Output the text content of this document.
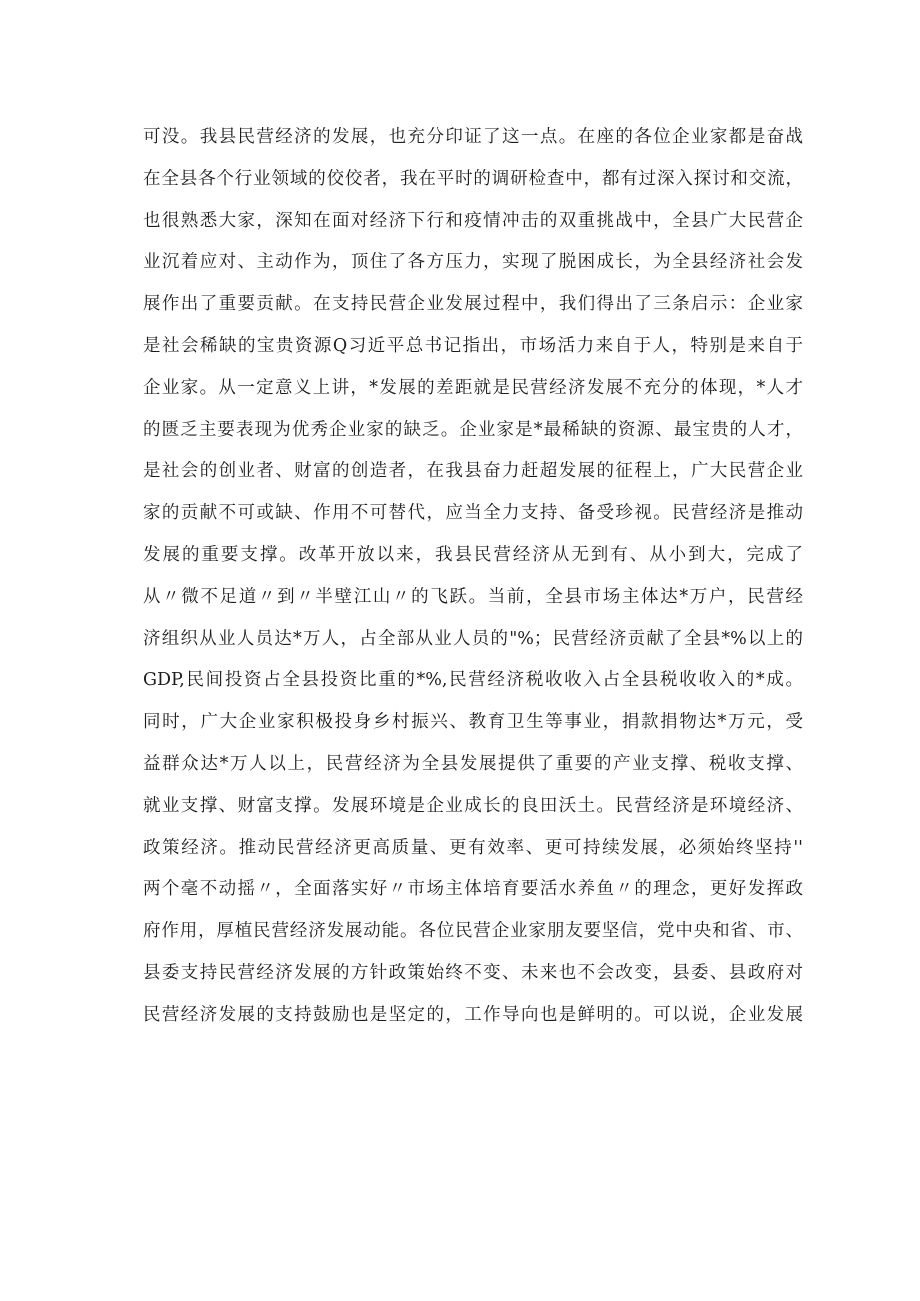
可没。我县民营经济的发展，也充分印证了这一点。在座的各位企业家都是奋战
在全县各个行业领域的佼佼者，我在平时的调研检查中，都有过深入探讨和交流，
也很熟悉大家，深知在面对经济下行和疫情冲击的双重挑战中，全县广大民营企
业沉着应对、主动作为，顶住了各方压力，实现了脱困成长，为全县经济社会发
展作出了重要贡献。在支持民营企业发展过程中，我们得出了三条启示：企业家
是社会稀缺的宝贵资源Q习近平总书记指出，市场活力来自于人，特别是来自于
企业家。从一定意义上讲，*发展的差距就是民营经济发展不充分的体现，*人才
的匮乏主要表现为优秀企业家的缺乏。企业家是*最稀缺的资源、最宝贵的人才，
是社会的创业者、财富的创造者，在我县奋力赶超发展的征程上，广大民营企业
家的贡献不可或缺、作用不可替代，应当全力支持、备受珍视。民营经济是推动
发展的重要支撑。改革开放以来，我县民营经济从无到有、从小到大，完成了
从〃微不足道〃到〃半壁江山〃的飞跃。当前，全县市场主体达*万户，民营经
济组织从业人员达*万人，占全部从业人员的"%；民营经济贡献了全县*%以上的
GDP,民间投资占全县投资比重的*%,民营经济税收收入占全县税收收入的*成。
同时，广大企业家积极投身乡村振兴、教育卫生等事业，捐款捐物达*万元，受
益群众达*万人以上，民营经济为全县发展提供了重要的产业支撑、税收支撑、
就业支撑、财富支撑。发展环境是企业成长的良田沃土。民营经济是环境经济、
政策经济。推动民营经济更高质量、更有效率、更可持续发展，必须始终坚持''
两个毫不动摇〃，全面落实好〃市场主体培育要活水养鱼〃的理念，更好发挥政
府作用，厚植民营经济发展动能。各位民营企业家朋友要坚信，党中央和省、市、
县委支持民营经济发展的方针政策始终不变、未来也不会改变，县委、县政府对
民营经济发展的支持鼓励也是坚定的，工作导向也是鲜明的。可以说，企业发展
